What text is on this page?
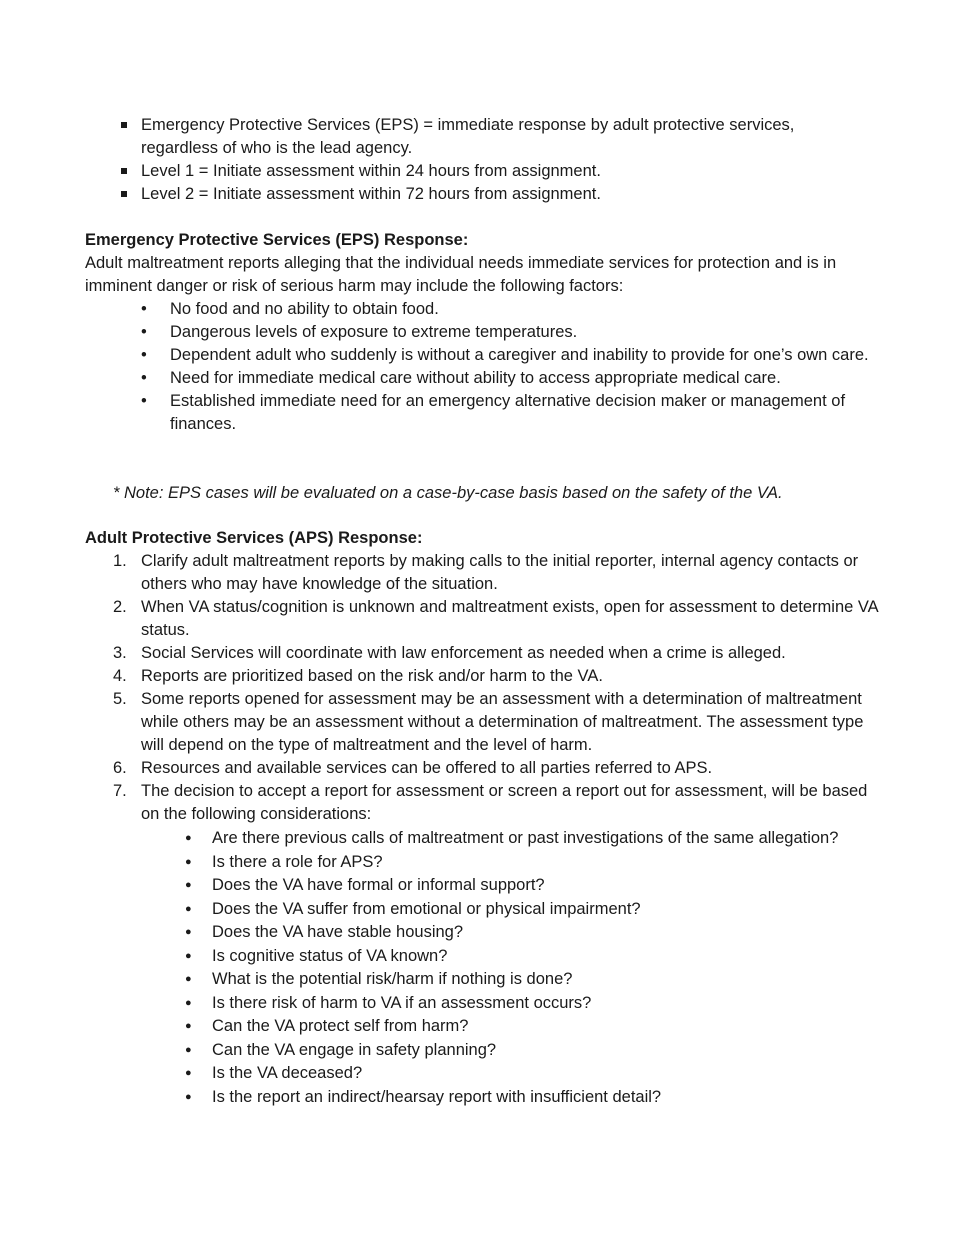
Emergency Protective Services (EPS) = immediate response by adult protective services, regardless of who is the lead agency.
Level 1 = Initiate assessment within 24 hours from assignment.
Level 2 = Initiate assessment within 72 hours from assignment.
Emergency Protective Services (EPS) Response:
Adult maltreatment reports alleging that the individual needs immediate services for protection and is in imminent danger or risk of serious harm may include the following factors:
• No food and no ability to obtain food.
• Dangerous levels of exposure to extreme temperatures.
• Dependent adult who suddenly is without a caregiver and inability to provide for one’s own care.
• Need for immediate medical care without ability to access appropriate medical care.
• Established immediate need for an emergency alternative decision maker or management of finances.
* Note: EPS cases will be evaluated on a case-by-case basis based on the safety of the VA.
Adult Protective Services (APS) Response:
1. Clarify adult maltreatment reports by making calls to the initial reporter, internal agency contacts or others who may have knowledge of the situation.
2. When VA status/cognition is unknown and maltreatment exists, open for assessment to determine VA status.
3. Social Services will coordinate with law enforcement as needed when a crime is alleged.
4. Reports are prioritized based on the risk and/or harm to the VA.
5. Some reports opened for assessment may be an assessment with a determination of maltreatment while others may be an assessment without a determination of maltreatment. The assessment type will depend on the type of maltreatment and the level of harm.
6. Resources and available services can be offered to all parties referred to APS.
7. The decision to accept a report for assessment or screen a report out for assessment, will be based on the following considerations:
● Are there previous calls of maltreatment or past investigations of the same allegation?
● Is there a role for APS?
● Does the VA have formal or informal support?
● Does the VA suffer from emotional or physical impairment?
● Does the VA have stable housing?
● Is cognitive status of VA known?
● What is the potential risk/harm if nothing is done?
● Is there risk of harm to VA if an assessment occurs?
● Can the VA protect self from harm?
● Can the VA engage in safety planning?
● Is the VA deceased?
● Is the report an indirect/hearsay report with insufficient detail?
